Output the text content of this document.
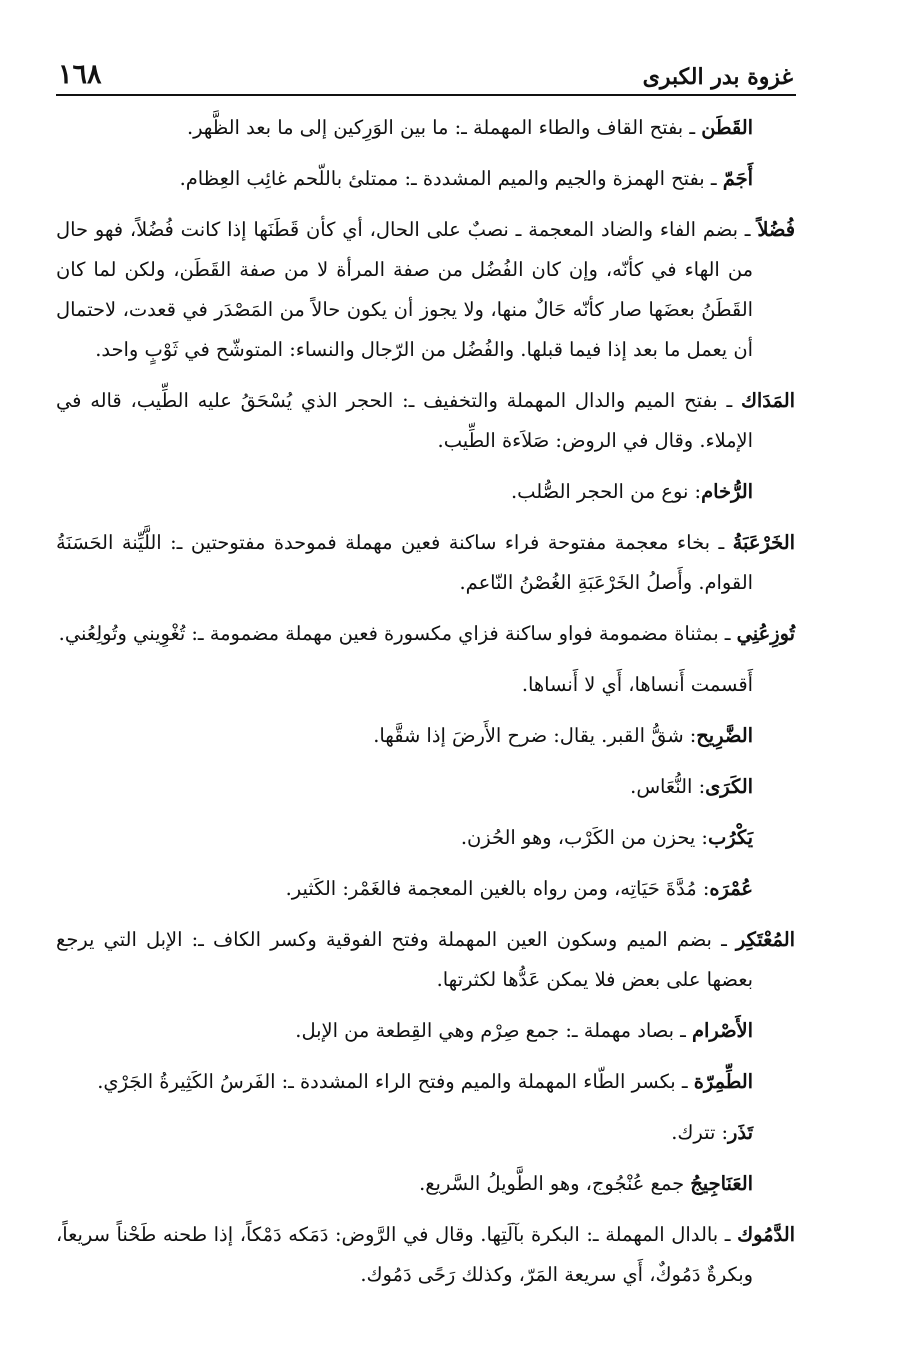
غزوة بدر الكبرى
١٦٨

القَطَن ـ بفتح القاف والطاء المهملة ـ: ما بين الوَرِكين إلى ما بعد الظَّهر.

أَجَمّ ـ بفتح الهمزة والجيم والميم المشددة ـ: ممتلئ باللّحم غائِب العِظام.

فُضُلاً ـ بضم الفاء والضاد المعجمة ـ نصبٌ على الحال، أي كأن قَطَنَها إذا كانت فُضُلاً، فهو حال من الهاء في كأنّه، وإن كان الفُضُل من صفة المرأة لا من صفة القَطَن، ولكن لما كان القَطَنُ بعضَها صار كأنّه حَالٌ منها، ولا يجوز أن يكون حالاً من المَصْدَر في قعدت، لاحتمال أن يعمل ما بعد إذا فيما قبلها. والفُضُل من الرّجال والنساء: المتوشّح في ثَوْبٍ واحد.

المَدَاك ـ بفتح الميم والدال المهملة والتخفيف ـ: الحجر الذي يُسْحَقُ عليه الطِّيب، قاله في الإملاء. وقال في الروض: صَلاَءة الطِّيب.

الرُّخام: نوع من الحجر الصُّلب.

الخَرْعَبَةُ ـ بخاء معجمة مفتوحة فراء ساكنة فعين مهملة فموحدة مفتوحتين ـ: اللَّيِّنة الحَسَنَةُ القوام. وأَصلُ الخَرْعَبَةِ الغُصْنُ النّاعم.

تُوزِعُنِي ـ بمثناة مضمومة فواو ساكنة فزاي مكسورة فعين مهملة مضمومة ـ: تُغْوِيني وتُولِعُني.

أَقسمت أَنساها، أَي لا أَنساها.

الضَّرِيح: شقُّ القبر. يقال: ضرح الأَرضَ إذا شقَّها.

الكَرَى: النُّعَاس.

يَكْرُب: يحزن من الكَرْب، وهو الحُزن.

عُمْرَه: مُدَّةَ حَيَاتِه، ومن رواه بالغين المعجمة فالغَمْر: الكَثير.

المُعْتَكِر ـ بضم الميم وسكون العين المهملة وفتح الفوقية وكسر الكاف ـ: الإبل التي يرجع بعضها على بعض فلا يمكن عَدُّها لكثرتها.

الأَصْرام ـ بصاد مهملة ـ: جمع صِرْم وهي القِطعة من الإبل.

الطِّمِرّة ـ بكسر الطّاء المهملة والميم وفتح الراء المشددة ـ: الفَرسُ الكَثِيرةُ الجَرْي.

تَذَر: تترك.

العَنَاجِيجُ جمع عُنْجُوج، وهو الطَّويلُ السَّريع.

الدَّمُوك ـ بالدال المهملة ـ: البكرة بآلَتِها. وقال في الرَّوض: دَمَكه دَمْكاً، إذا طحنه طَحْناً سريعاً، وبكرةٌ دَمُوكٌ، أَي سريعة المَرّ، وكذلك رَحًى دَمُوك.
